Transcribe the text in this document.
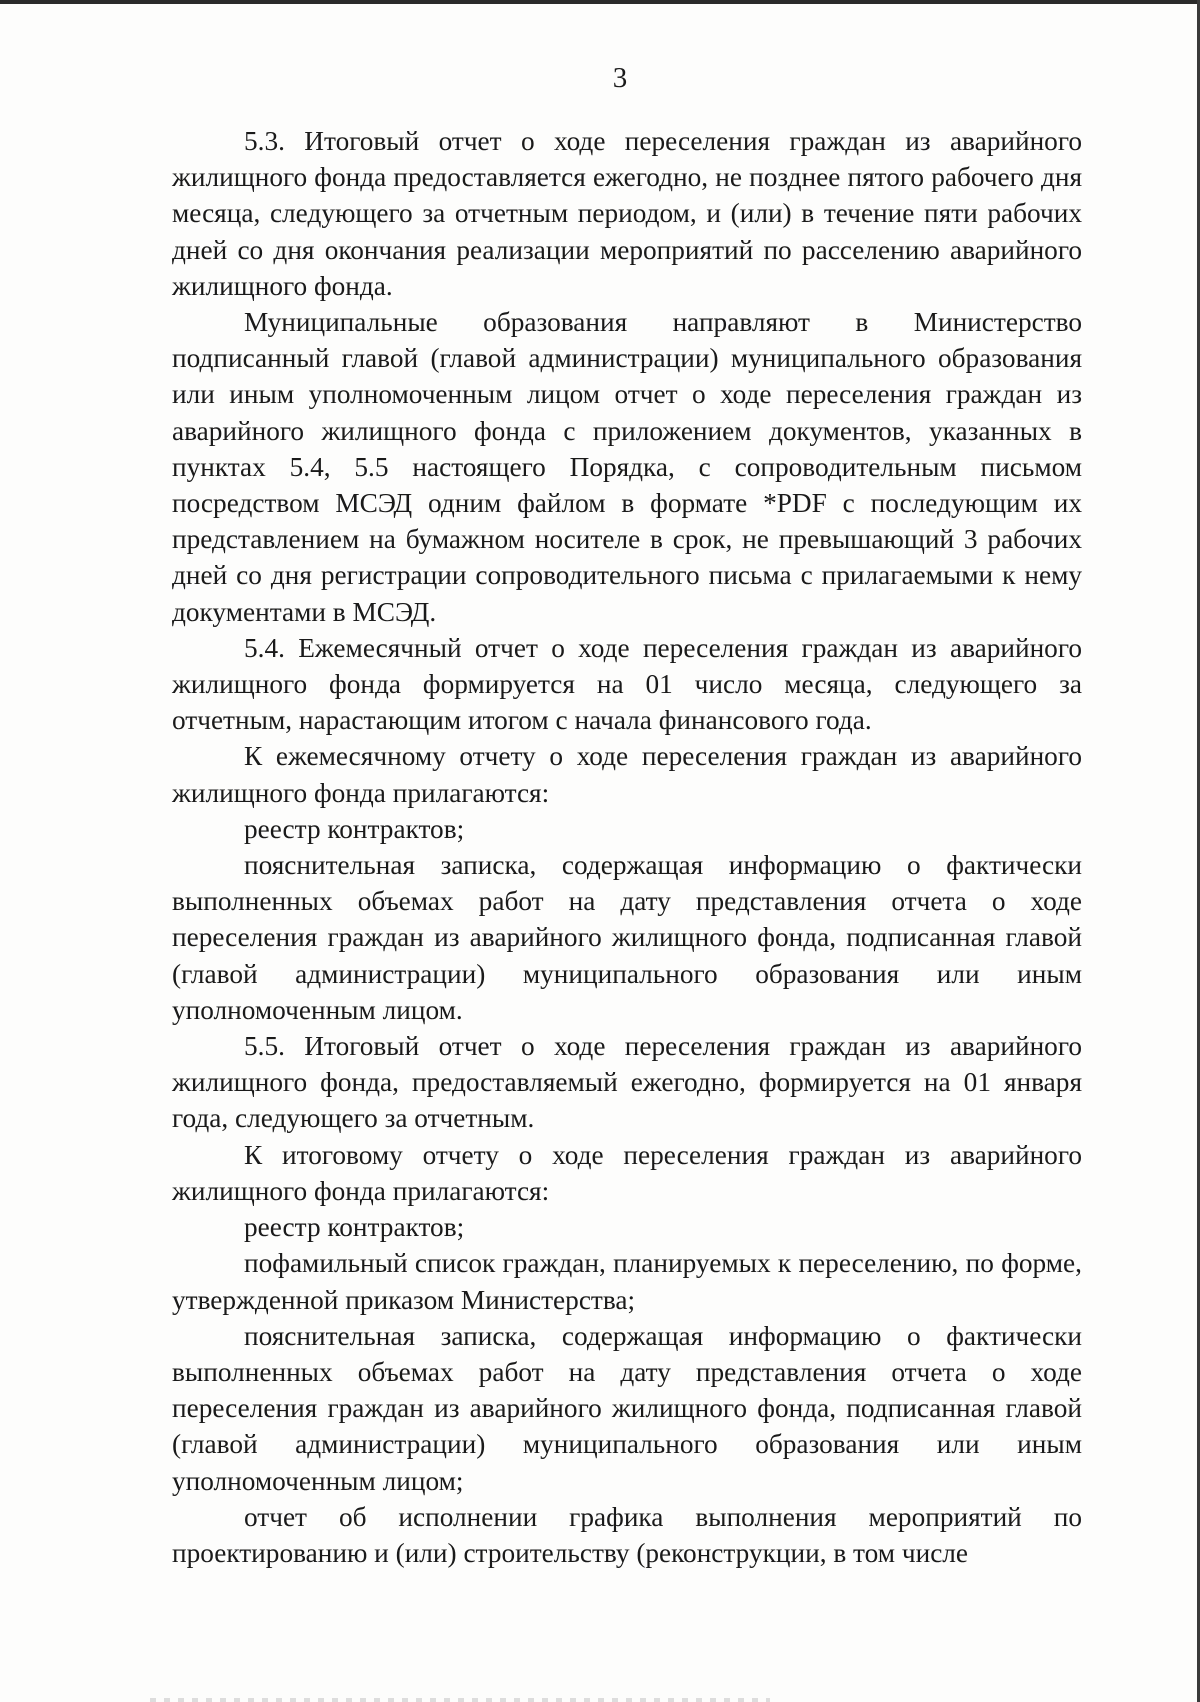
3

5.3. Итоговый отчет о ходе переселения граждан из аварийного жилищного фонда предоставляется ежегодно, не позднее пятого рабочего дня месяца, следующего за отчетным периодом, и (или) в течение пяти рабочих дней со дня окончания реализации мероприятий по расселению аварийного жилищного фонда.

Муниципальные образования направляют в Министерство подписанный главой (главой администрации) муниципального образования или иным уполномоченным лицом отчет о ходе переселения граждан из аварийного жилищного фонда с приложением документов, указанных в пунктах 5.4, 5.5 настоящего Порядка, с сопроводительным письмом посредством МСЭД одним файлом в формате *PDF с последующим их представлением на бумажном носителе в срок, не превышающий 3 рабочих дней со дня регистрации сопроводительного письма с прилагаемыми к нему документами в МСЭД.

5.4. Ежемесячный отчет о ходе переселения граждан из аварийного жилищного фонда формируется на 01 число месяца, следующего за отчетным, нарастающим итогом с начала финансового года.

К ежемесячному отчету о ходе переселения граждан из аварийного жилищного фонда прилагаются:

реестр контрактов;

пояснительная записка, содержащая информацию о фактически выполненных объемах работ на дату представления отчета о ходе переселения граждан из аварийного жилищного фонда, подписанная главой (главой администрации) муниципального образования или иным уполномоченным лицом.

5.5. Итоговый отчет о ходе переселения граждан из аварийного жилищного фонда, предоставляемый ежегодно, формируется на 01 января года, следующего за отчетным.

К итоговому отчету о ходе переселения граждан из аварийного жилищного фонда прилагаются:

реестр контрактов;

пофамильный список граждан, планируемых к переселению, по форме, утвержденной приказом Министерства;

пояснительная записка, содержащая информацию о фактически выполненных объемах работ на дату представления отчета о ходе переселения граждан из аварийного жилищного фонда, подписанная главой (главой администрации) муниципального образования или иным уполномоченным лицом;

отчет об исполнении графика выполнения мероприятий по проектированию и (или) строительству (реконструкции, в том числе
